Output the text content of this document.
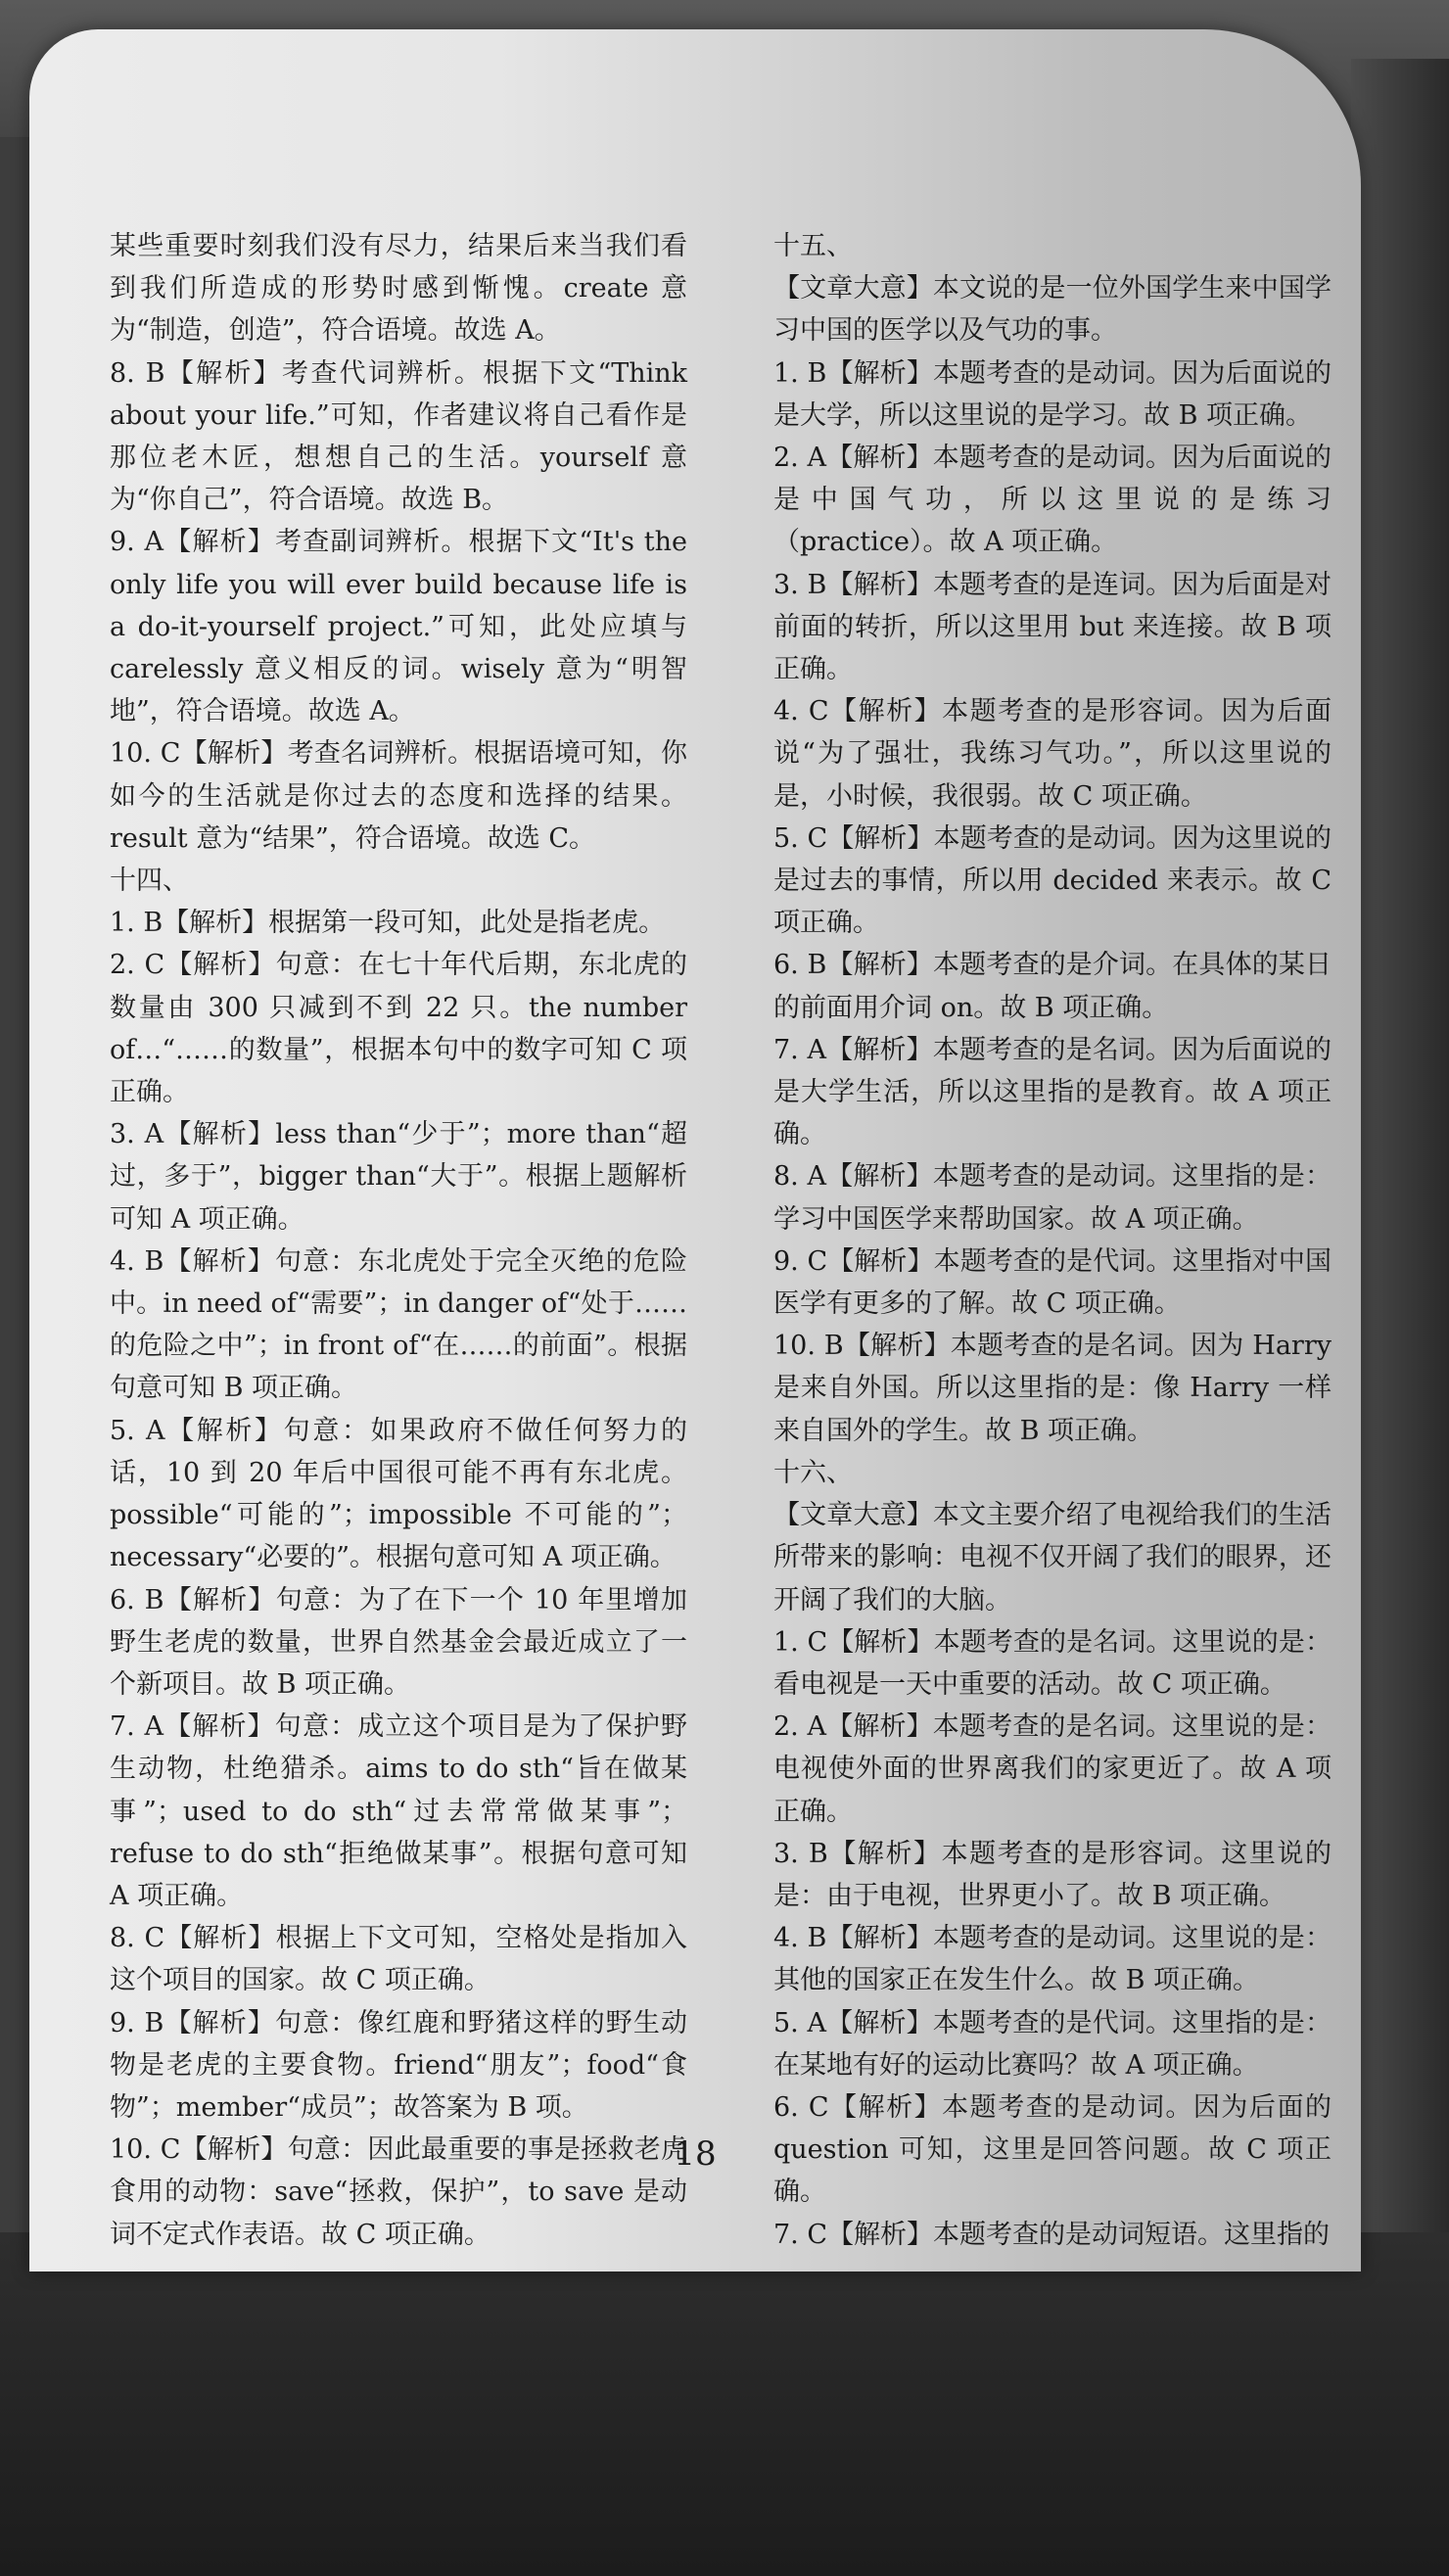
某些重要时刻我们没有尽力，结果后来当我们看到我们所造成的形势时感到惭愧。create 意为“制造，创造”，符合语境。故选 A。

8. B【解析】考查代词辨析。根据下文“Think about your life.”可知，作者建议将自己看作是那位老木匠，想想自己的生活。yourself 意为“你自己”，符合语境。故选 B。

9. A【解析】考查副词辨析。根据下文“It's the only life you will ever build because life is a do-it-yourself project.”可知，此处应填与 carelessly 意义相反的词。wisely 意为“明智地”，符合语境。故选 A。

10. C【解析】考查名词辨析。根据语境可知，你如今的生活就是你过去的态度和选择的结果。result 意为“结果”，符合语境。故选 C。

十四、

1. B【解析】根据第一段可知，此处是指老虎。

2. C【解析】句意：在七十年代后期，东北虎的数量由 300 只减到不到 22 只。the number of…“……的数量”，根据本句中的数字可知 C 项正确。

3. A【解析】less than“少于”；more than“超过，多于”，bigger than“大于”。根据上题解析可知 A 项正确。

4. B【解析】句意：东北虎处于完全灭绝的危险中。in need of“需要”；in danger of“处于……的危险之中”；in front of“在……的前面”。根据句意可知 B 项正确。

5. A【解析】句意：如果政府不做任何努力的话，10 到 20 年后中国很可能不再有东北虎。possible“可能的”；impossible 不可能的”；necessary“必要的”。根据句意可知 A 项正确。

6. B【解析】句意：为了在下一个 10 年里增加野生老虎的数量，世界自然基金会最近成立了一个新项目。故 B 项正确。

7. A【解析】句意：成立这个项目是为了保护野生动物，杜绝猎杀。aims to do sth“旨在做某事”；used to do sth“过去常常做某事”；refuse to do sth“拒绝做某事”。根据句意可知 A 项正确。

8. C【解析】根据上下文可知，空格处是指加入这个项目的国家。故 C 项正确。

9. B【解析】句意：像红鹿和野猪这样的野生动物是老虎的主要食物。friend“朋友”；food“食物”；member“成员”；故答案为 B 项。

10. C【解析】句意：因此最重要的事是拯救老虎食用的动物：save“拯救，保护”，to save 是动词不定式作表语。故 C 项正确。

十五、

【文章大意】本文说的是一位外国学生来中国学习中国的医学以及气功的事。

1. B【解析】本题考查的是动词。因为后面说的是大学，所以这里说的是学习。故 B 项正确。

2. A【解析】本题考查的是动词。因为后面说的是中国气功，所以这里说的是练习（practice）。故 A 项正确。

3. B【解析】本题考查的是连词。因为后面是对前面的转折，所以这里用 but 来连接。故 B 项正确。

4. C【解析】本题考查的是形容词。因为后面说“为了强壮，我练习气功。”，所以这里说的是，小时候，我很弱。故 C 项正确。

5. C【解析】本题考查的是动词。因为这里说的是过去的事情，所以用 decided 来表示。故 C 项正确。

6. B【解析】本题考查的是介词。在具体的某日的前面用介词 on。故 B 项正确。

7. A【解析】本题考查的是名词。因为后面说的是大学生活，所以这里指的是教育。故 A 项正确。

8. A【解析】本题考查的是动词。这里指的是：学习中国医学来帮助国家。故 A 项正确。

9. C【解析】本题考查的是代词。这里指对中国医学有更多的了解。故 C 项正确。

10. B【解析】本题考查的是名词。因为 Harry 是来自外国。所以这里指的是：像 Harry 一样来自国外的学生。故 B 项正确。

十六、

【文章大意】本文主要介绍了电视给我们的生活所带来的影响：电视不仅开阔了我们的眼界，还开阔了我们的大脑。

1. C【解析】本题考查的是名词。这里说的是：看电视是一天中重要的活动。故 C 项正确。

2. A【解析】本题考查的是名词。这里说的是：电视使外面的世界离我们的家更近了。故 A 项正确。

3. B【解析】本题考查的是形容词。这里说的是：由于电视，世界更小了。故 B 项正确。

4. B【解析】本题考查的是动词。这里说的是：其他的国家正在发生什么。故 B 项正确。

5. A【解析】本题考查的是代词。这里指的是：在某地有好的运动比赛吗？故 A 项正确。

6. C【解析】本题考查的是动词。因为后面的 question 可知，这里是回答问题。故 C 项正确。

7. C【解析】本题考查的是动词短语。这里指的

18
